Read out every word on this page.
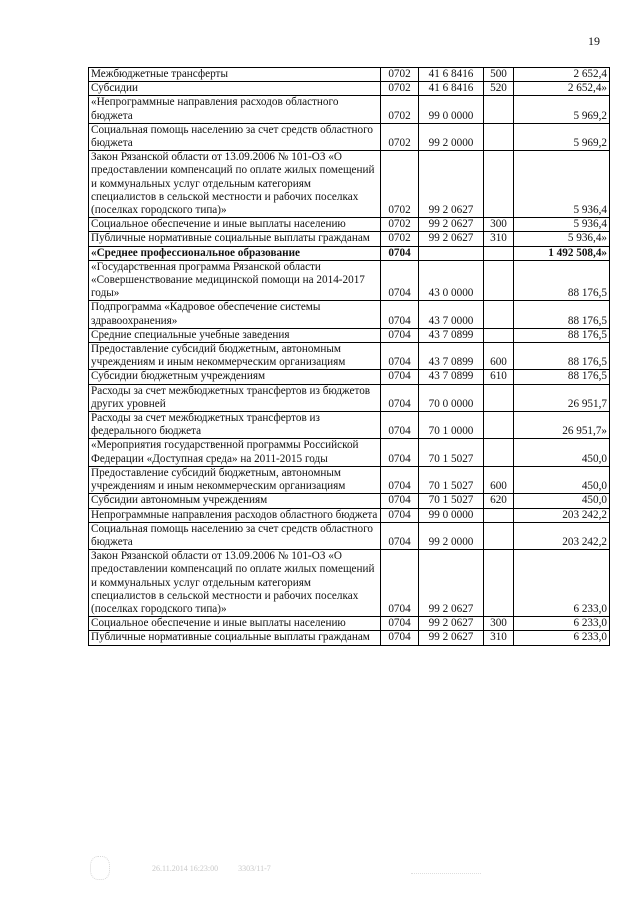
19
Межбюджетные трансферты	0702	41 6 8416	500	2 652,4
Субсидии	0702	41 6 8416	520	2 652,4»
«Непрограммные направления расходов областного бюджета	0702	99 0 0000		5 969,2
Социальная помощь населению за счет средств областного бюджета	0702	99 2 0000		5 969,2
Закон Рязанской области от 13.09.2006 № 101-ОЗ «О предоставлении компенсаций по оплате жилых помещений и коммунальных услуг отдельным категориям специалистов в сельской местности и рабочих поселках (поселках городского типа)»	0702	99 2 0627		5 936,4
Социальное обеспечение и иные выплаты населению	0702	99 2 0627	300	5 936,4
Публичные нормативные социальные выплаты гражданам	0702	99 2 0627	310	5 936,4»
«Среднее профессиональное образование	0704			1 492 508,4»
«Государственная программа Рязанской области «Совершенствование медицинской помощи на 2014-2017 годы»	0704	43 0 0000		88 176,5
Подпрограмма «Кадровое обеспечение системы здравоохранения»	0704	43 7 0000		88 176,5
Средние специальные учебные заведения	0704	43 7 0899		88 176,5
Предоставление субсидий бюджетным, автономным учреждениям и иным некоммерческим организациям	0704	43 7 0899	600	88 176,5
Субсидии бюджетным учреждениям	0704	43 7 0899	610	88 176,5
Расходы за счет межбюджетных трансфертов из бюджетов других уровней	0704	70 0 0000		26 951,7
Расходы за счет межбюджетных трансфертов из федерального бюджета	0704	70 1 0000		26 951,7»
«Мероприятия государственной программы Российской Федерации «Доступная среда» на 2011-2015 годы	0704	70 1 5027		450,0
Предоставление субсидий бюджетным, автономным учреждениям и иным некоммерческим организациям	0704	70 1 5027	600	450,0
Субсидии автономным учреждениям	0704	70 1 5027	620	450,0
Непрограммные направления расходов областного бюджета	0704	99 0 0000		203 242,2
Социальная помощь населению за счет средств областного бюджета	0704	99 2 0000		203 242,2
Закон Рязанской области от 13.09.2006 № 101-ОЗ «О предоставлении компенсаций по оплате жилых помещений и коммунальных услуг отдельным категориям специалистов в сельской местности и рабочих поселках (поселках городского типа)»	0704	99 2 0627		6 233,0
Социальное обеспечение и иные выплаты населению	0704	99 2 0627	300	6 233,0
Публичные нормативные социальные выплаты гражданам	0704	99 2 0627	310	6 233,0
26.11.2014 16:23:00	3303/11-7
